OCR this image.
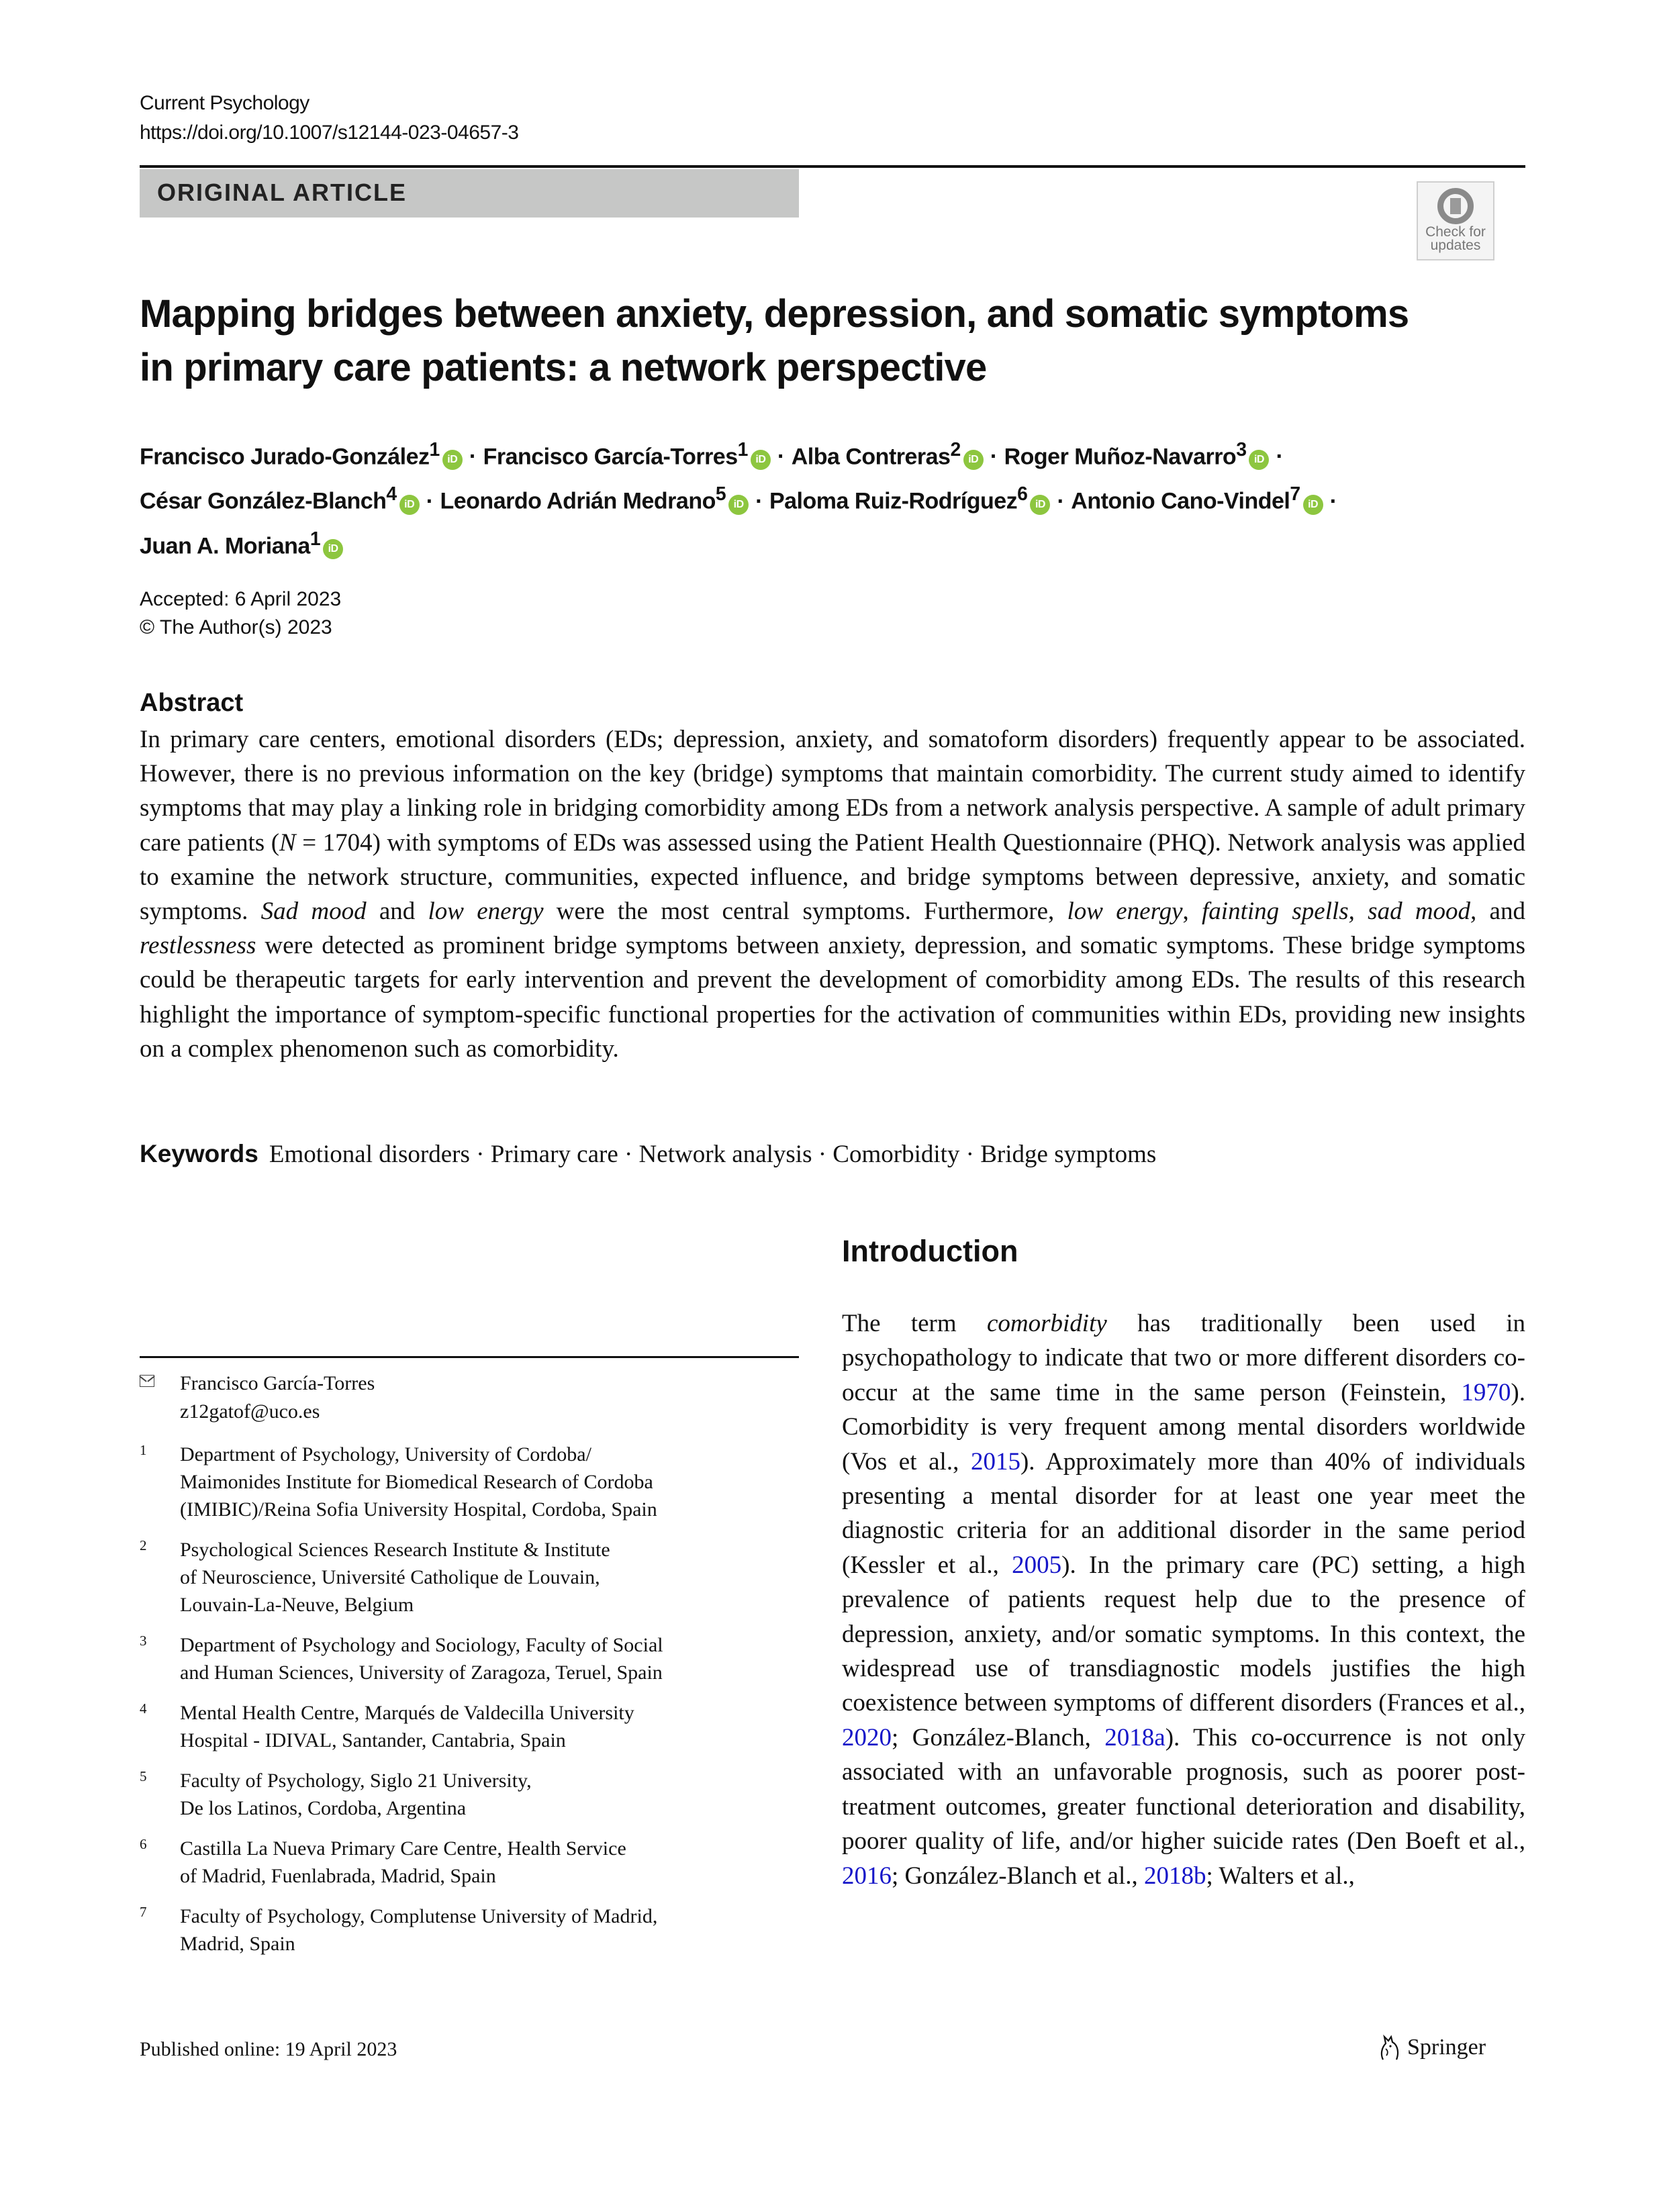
Current Psychology
https://doi.org/10.1007/s12144-023-04657-3
ORIGINAL ARTICLE
Check for
updates
Mapping bridges between anxiety, depression, and somatic symptoms
in primary care patients: a network perspective
Francisco Jurado-González$^1$ iD · Francisco García-Torres$^1$ iD · Alba Contreras$^2$ iD · Roger Muñoz-Navarro$^3$ iD ·
César González-Blanch$^4$ iD · Leonardo Adrián Medrano$^5$ iD · Paloma Ruiz-Rodríguez$^6$ iD · Antonio Cano-Vindel$^7$ iD ·
Juan A. Moriana$^1$ iD
Accepted: 6 April 2023
© The Author(s) 2023
Abstract
In primary care centers, emotional disorders (EDs; depression, anxiety, and somatoform disorders) frequently appear to be associated. However, there is no previous information on the key (bridge) symptoms that maintain comorbidity. The current study aimed to identify symptoms that may play a linking role in bridging comorbidity among EDs from a network analysis perspective. A sample of adult primary care patients (N = 1704) with symptoms of EDs was assessed using the Patient Health Questionnaire (PHQ). Network analysis was applied to examine the network structure, communities, expected influence, and bridge symptoms between depressive, anxiety, and somatic symptoms. Sad mood and low energy were the most central symptoms. Furthermore, low energy, fainting spells, sad mood, and restlessness were detected as prominent bridge symptoms between anxiety, depression, and somatic symptoms. These bridge symptoms could be therapeutic targets for early intervention and prevent the development of comorbidity among EDs. The results of this research highlight the importance of symptom-specific functional properties for the activation of communities within EDs, providing new insights on a complex phenomenon such as comorbidity.
Keywords Emotional disorders · Primary care · Network analysis · Comorbidity · Bridge symptoms
Introduction
The term comorbidity has traditionally been used in psychopathology to indicate that two or more different disorders co-occur at the same time in the same person (Feinstein, 1970). Comorbidity is very frequent among mental disorders worldwide (Vos et al., 2015). Approximately more than 40% of individuals presenting a mental disorder for at least one year meet the diagnostic criteria for an additional disorder in the same period (Kessler et al., 2005). In the primary care (PC) setting, a high prevalence of patients request help due to the presence of depression, anxiety, and/or somatic symptoms. In this context, the widespread use of transdiagnostic models justifies the high coexistence between symptoms of different disorders (Frances et al., 2020; González-Blanch, 2018a). This co-occurrence is not only associated with an unfavorable prognosis, such as poorer post-treatment outcomes, greater functional deterioration and disability, poorer quality of life, and/or higher suicide rates (Den Boeft et al., 2016; González-Blanch et al., 2018b; Walters et al.,
Francisco García-Torres
z12gatof@uco.es
1 Department of Psychology, University of Cordoba/
Maimonides Institute for Biomedical Research of Cordoba
(IMIBIC)/Reina Sofia University Hospital, Cordoba, Spain
2 Psychological Sciences Research Institute & Institute
of Neuroscience, Université Catholique de Louvain,
Louvain-La-Neuve, Belgium
3 Department of Psychology and Sociology, Faculty of Social
and Human Sciences, University of Zaragoza, Teruel, Spain
4 Mental Health Centre, Marqués de Valdecilla University
Hospital - IDIVAL, Santander, Cantabria, Spain
5 Faculty of Psychology, Siglo 21 University,
De los Latinos, Cordoba, Argentina
6 Castilla La Nueva Primary Care Centre, Health Service
of Madrid, Fuenlabrada, Madrid, Spain
7 Faculty of Psychology, Complutense University of Madrid,
Madrid, Spain
Published online: 19 April 2023	Springer
